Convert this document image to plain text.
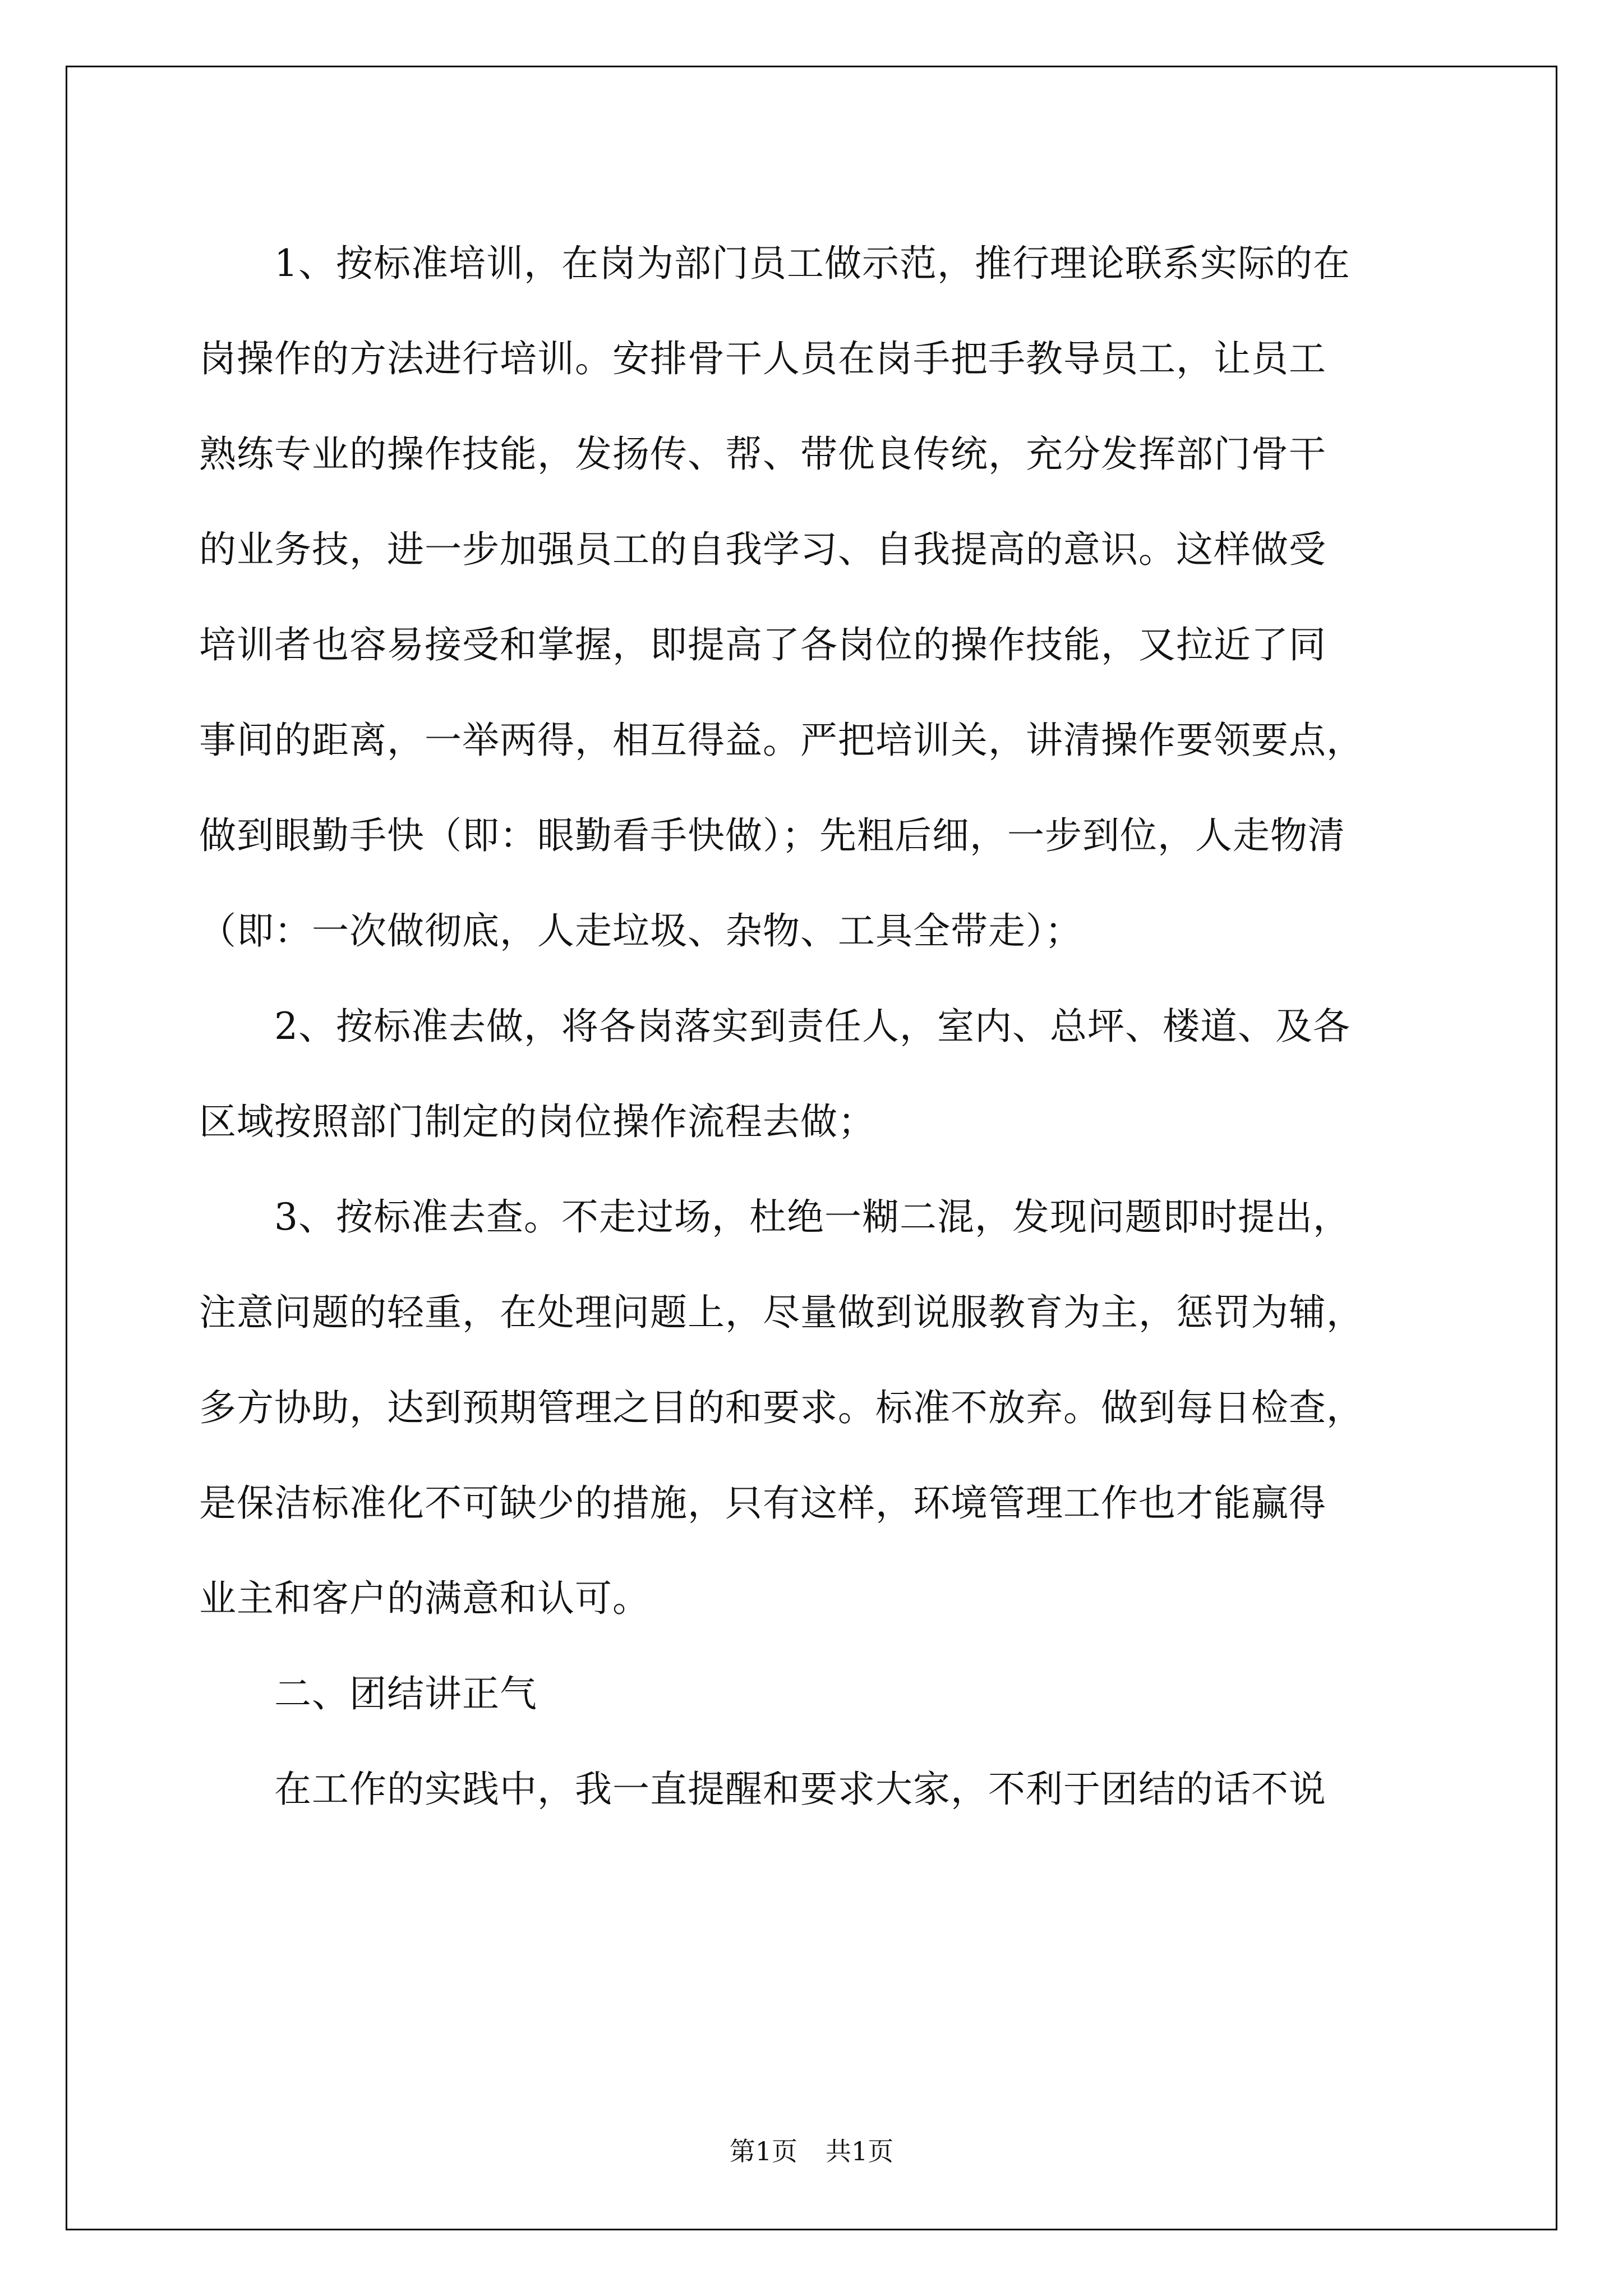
　　1、按标准培训，在岗为部门员工做示范，推行理论联系实际的在
岗操作的方法进行培训。安排骨干人员在岗手把手教导员工，让员工
熟练专业的操作技能，发扬传、帮、带优良传统，充分发挥部门骨干
的业务技，进一步加强员工的自我学习、自我提高的意识。这样做受
培训者也容易接受和掌握，即提高了各岗位的操作技能，又拉近了同
事间的距离，一举两得，相互得益。严把培训关，讲清操作要领要点，
做到眼勤手快（即：眼勤看手快做）；先粗后细，一步到位，人走物清
（即：一次做彻底，人走垃圾、杂物、工具全带走）；
　　2、按标准去做，将各岗落实到责任人，室内、总坪、楼道、及各
区域按照部门制定的岗位操作流程去做；
　　3、按标准去查。不走过场，杜绝一糊二混，发现问题即时提出，
注意问题的轻重，在处理问题上，尽量做到说服教育为主，惩罚为辅，
多方协助，达到预期管理之目的和要求。标准不放弃。做到每日检查，
是保洁标准化不可缺少的措施，只有这样，环境管理工作也才能赢得
业主和客户的满意和认可。
　　二、团结讲正气
　　在工作的实践中，我一直提醒和要求大家，不利于团结的话不说
第1页 共1页
